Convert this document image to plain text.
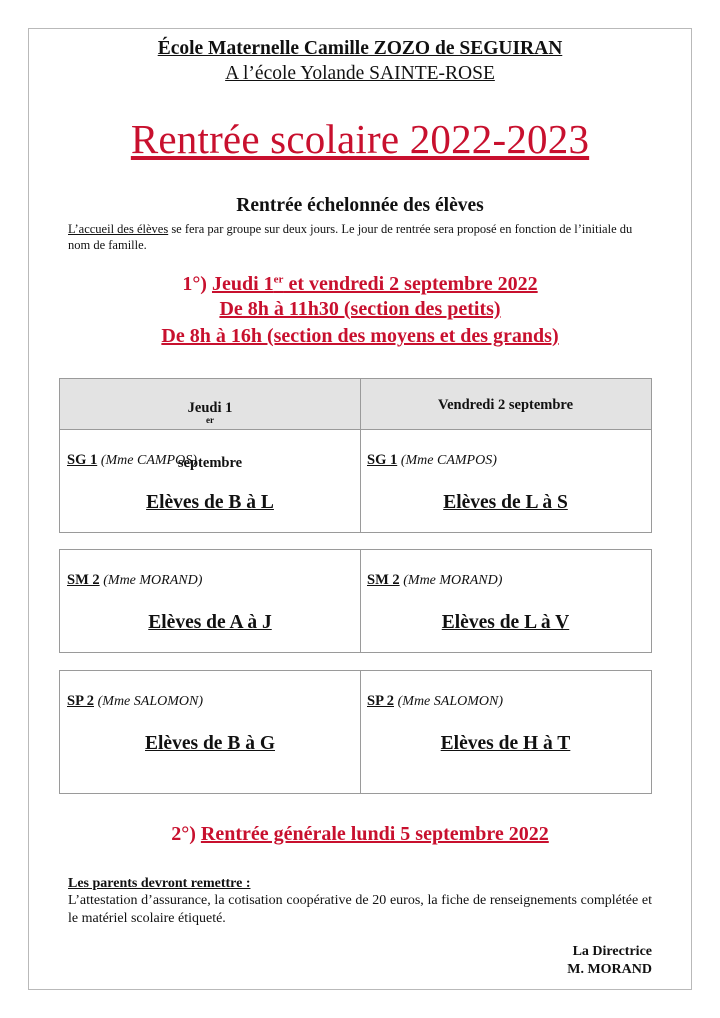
École Maternelle Camille ZOZO de SEGUIRAN
A l’école Yolande SAINTE-ROSE
Rentrée scolaire 2022-2023
Rentrée échelonnée des élèves
L’accueil des élèves se fera par groupe sur deux jours. Le jour de rentrée sera proposé en fonction de l’initiale du nom de famille.
1°) Jeudi 1er et vendredi 2 septembre 2022
De 8h à 11h30 (section des petits)
De 8h à 16h (section des moyens et des grands)
Jeudi 1
$^{er}$
septembre
Vendredi 2 septembre
SG 1 (Mme CAMPOS)
Elèves de B à L
SG 1 (Mme CAMPOS)
Elèves de L à S
SM 2 (Mme MORAND)
Elèves de A à J
SM 2 (Mme MORAND)
Elèves de L à V
SP 2 (Mme SALOMON)
Elèves de B à G
SP 2 (Mme SALOMON)
Elèves de H à T
2°) Rentrée générale lundi 5 septembre 2022
Les parents devront remettre :
L’attestation d’assurance, la cotisation coopérative de 20 euros, la fiche de renseignements complétée et le matériel scolaire étiqueté.
La Directrice
M. MORAND
